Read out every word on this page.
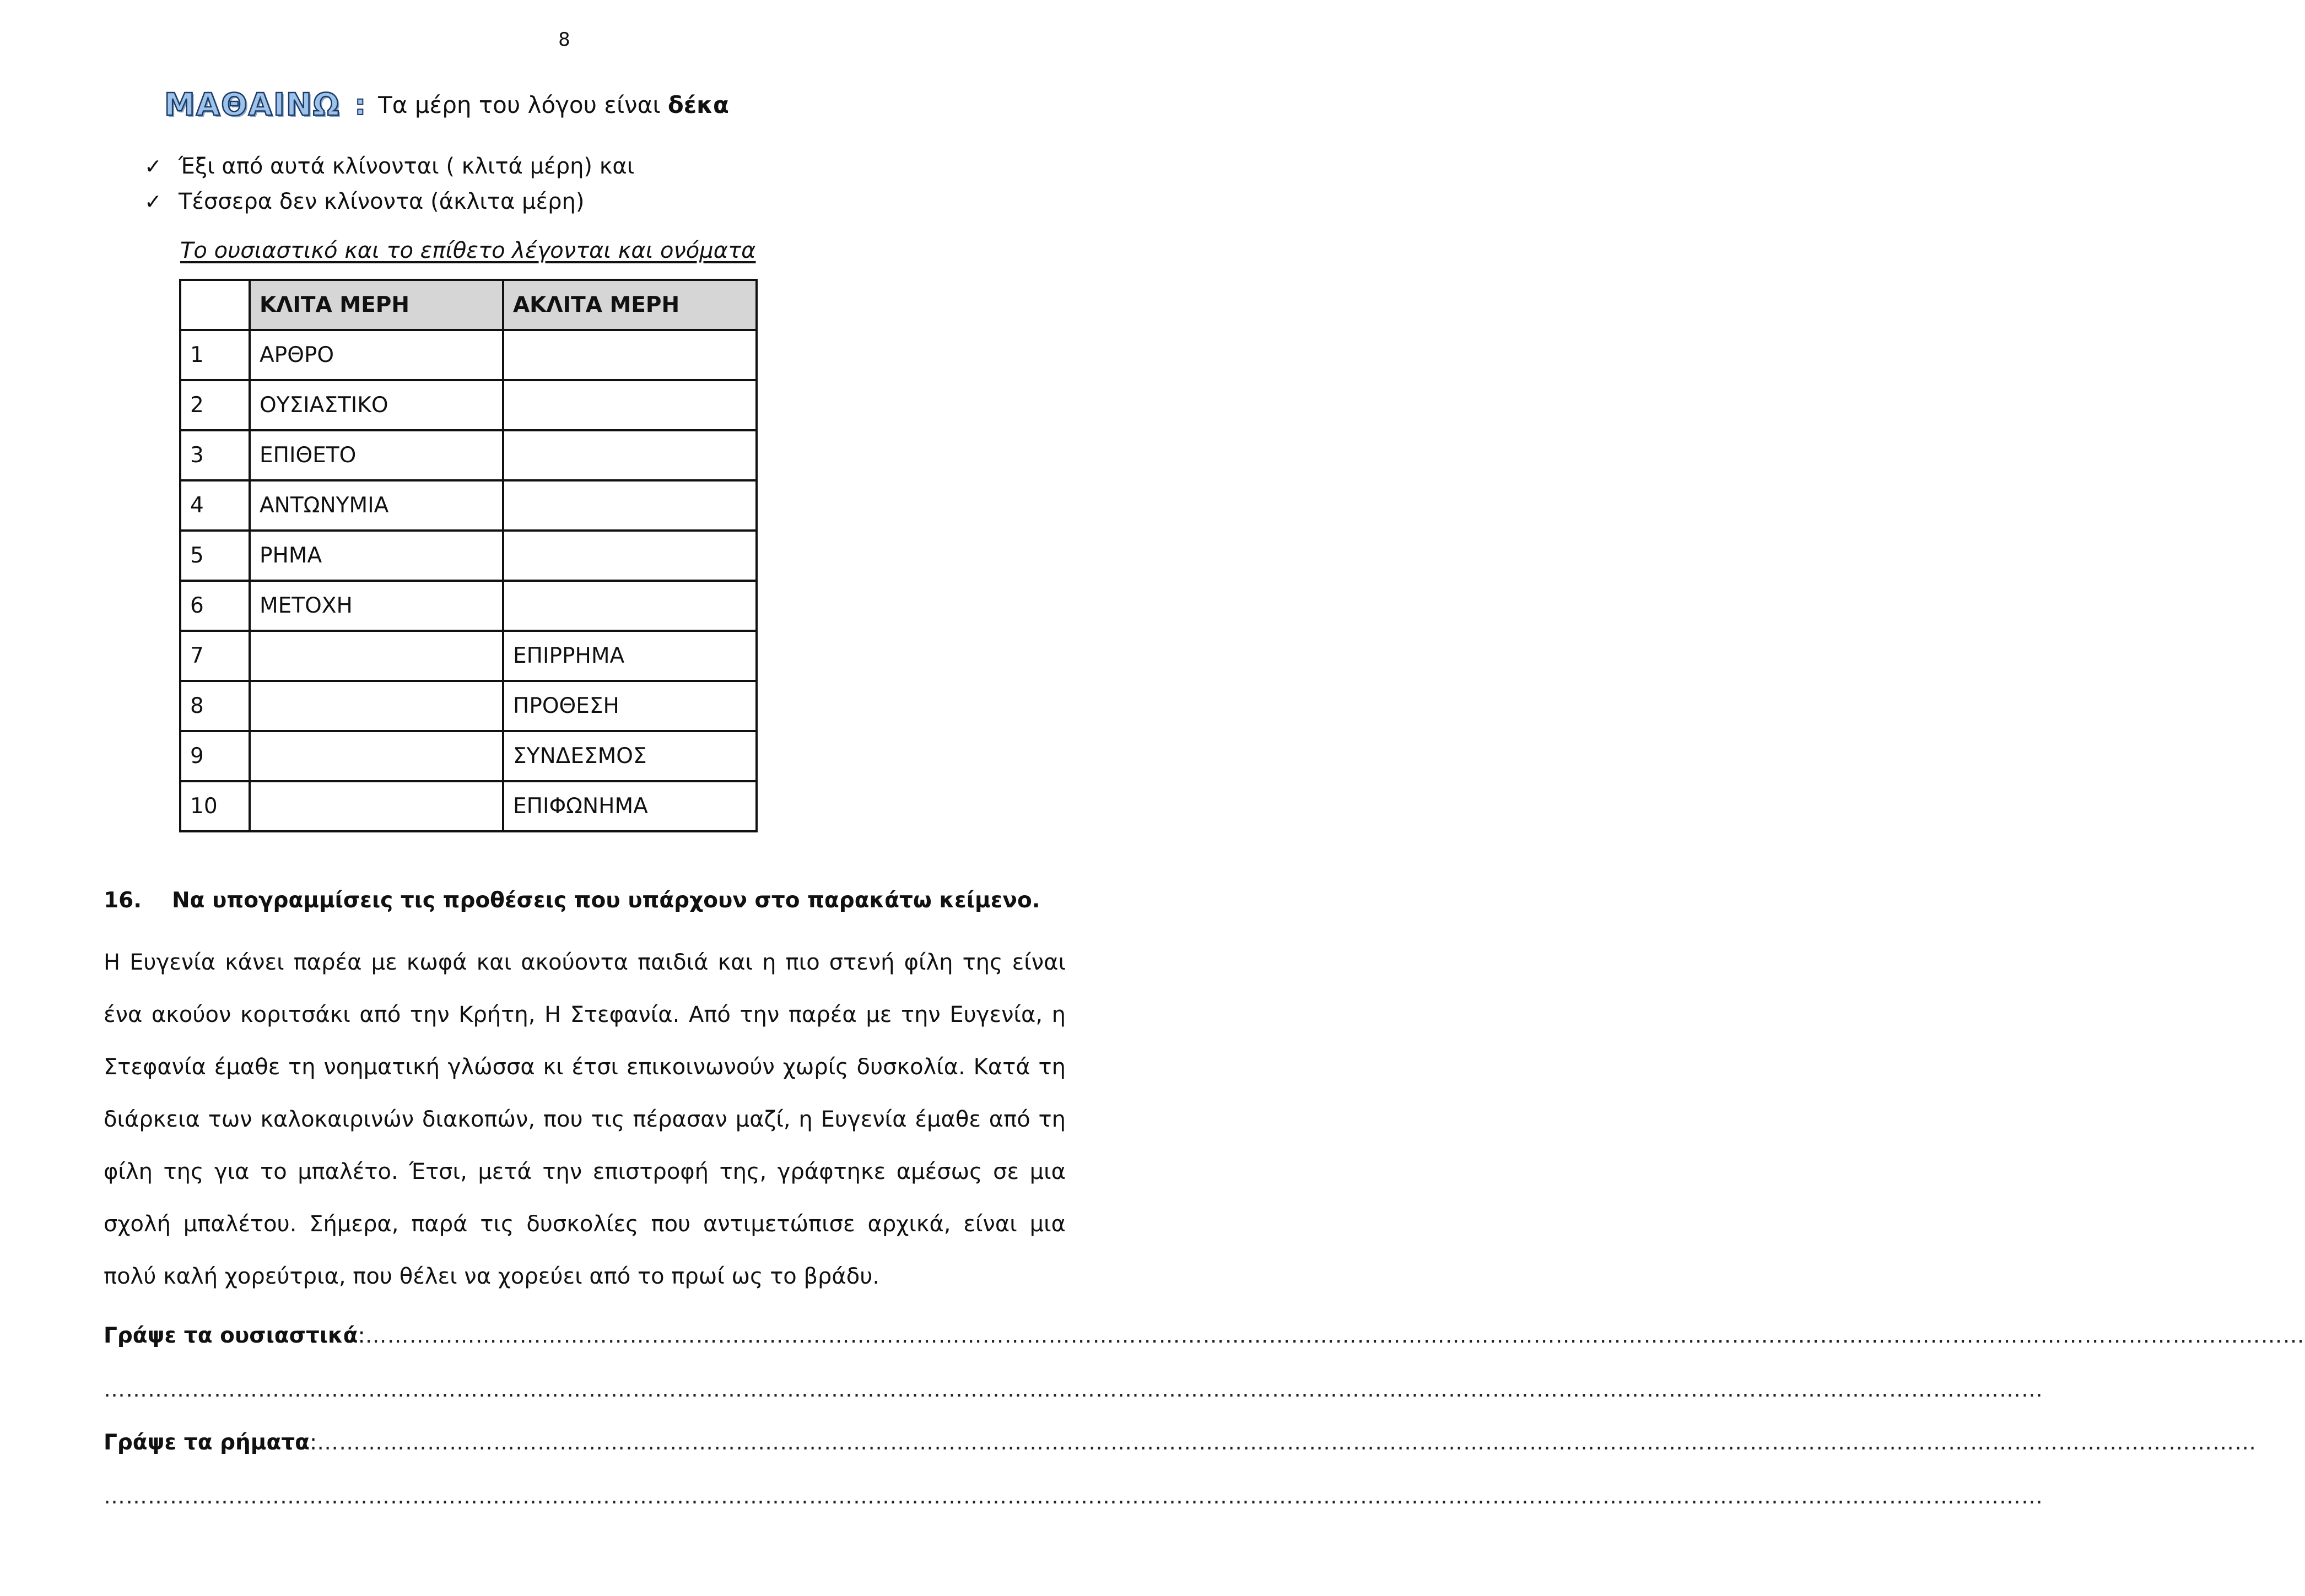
8
ΜΑΘΑΙΝΩ : Τα μέρη του λόγου είναι δέκα
✓ Έξι από αυτά κλίνονται ( κλιτά μέρη) και
✓ Τέσσερα δεν κλίνοντα (άκλιτα μέρη)
Το ουσιαστικό και το επίθετο λέγονται και ονόματα
	ΚΛΙΤΑ ΜΕΡΗ	ΑΚΛΙΤΑ ΜΕΡΗ
1	ΑΡΘΡΟ	
2	ΟΥΣΙΑΣΤΙΚΟ	
3	ΕΠΙΘΕΤΟ	
4	ΑΝΤΩΝΥΜΙΑ	
5	ΡΗΜΑ	
6	ΜΕΤΟΧΗ	
7		ΕΠΙΡΡΗΜΑ
8		ΠΡΟΘΕΣΗ
9		ΣΥΝΔΕΣΜΟΣ
10		ΕΠΙΦΩΝΗΜΑ
16.	Να υπογραμμίσεις τις προθέσεις που υπάρχουν στο παρακάτω κείμενο.

Η Ευγενία κάνει παρέα με κωφά και ακούοντα παιδιά και η πιο στενή φίλη της είναι ένα ακούον κοριτσάκι από την Κρήτη, Η Στεφανία. Από την παρέα με την Ευγενία, η Στεφανία έμαθε τη νοηματική γλώσσα κι έτσι επικοινωνούν χωρίς δυσκολία. Κατά τη διάρκεια των καλοκαιρινών διακοπών, που τις πέρασαν μαζί, η Ευγενία έμαθε από τη φίλη της για το μπαλέτο. Έτσι, μετά την επιστροφή της, γράφτηκε αμέσως σε μια σχολή μπαλέτου. Σήμερα, παρά τις δυσκολίες που αντιμετώπισε αρχικά, είναι μια πολύ καλή χορεύτρια, που θέλει να χορεύει από το πρωί ως το βράδυ.

Γράψε τα ουσιαστικά:…………………………………………………………………………………………………………………………………………………………………………………………………………………………………………
…………………………………………………………………………………………………………………………………………………………………………………………………………………………………………
Γράψε τα ρήματα:…………………………………………………………………………………………………………………………………………………………………………………………………………………………………………
…………………………………………………………………………………………………………………………………………………………………………………………………………………………………………
